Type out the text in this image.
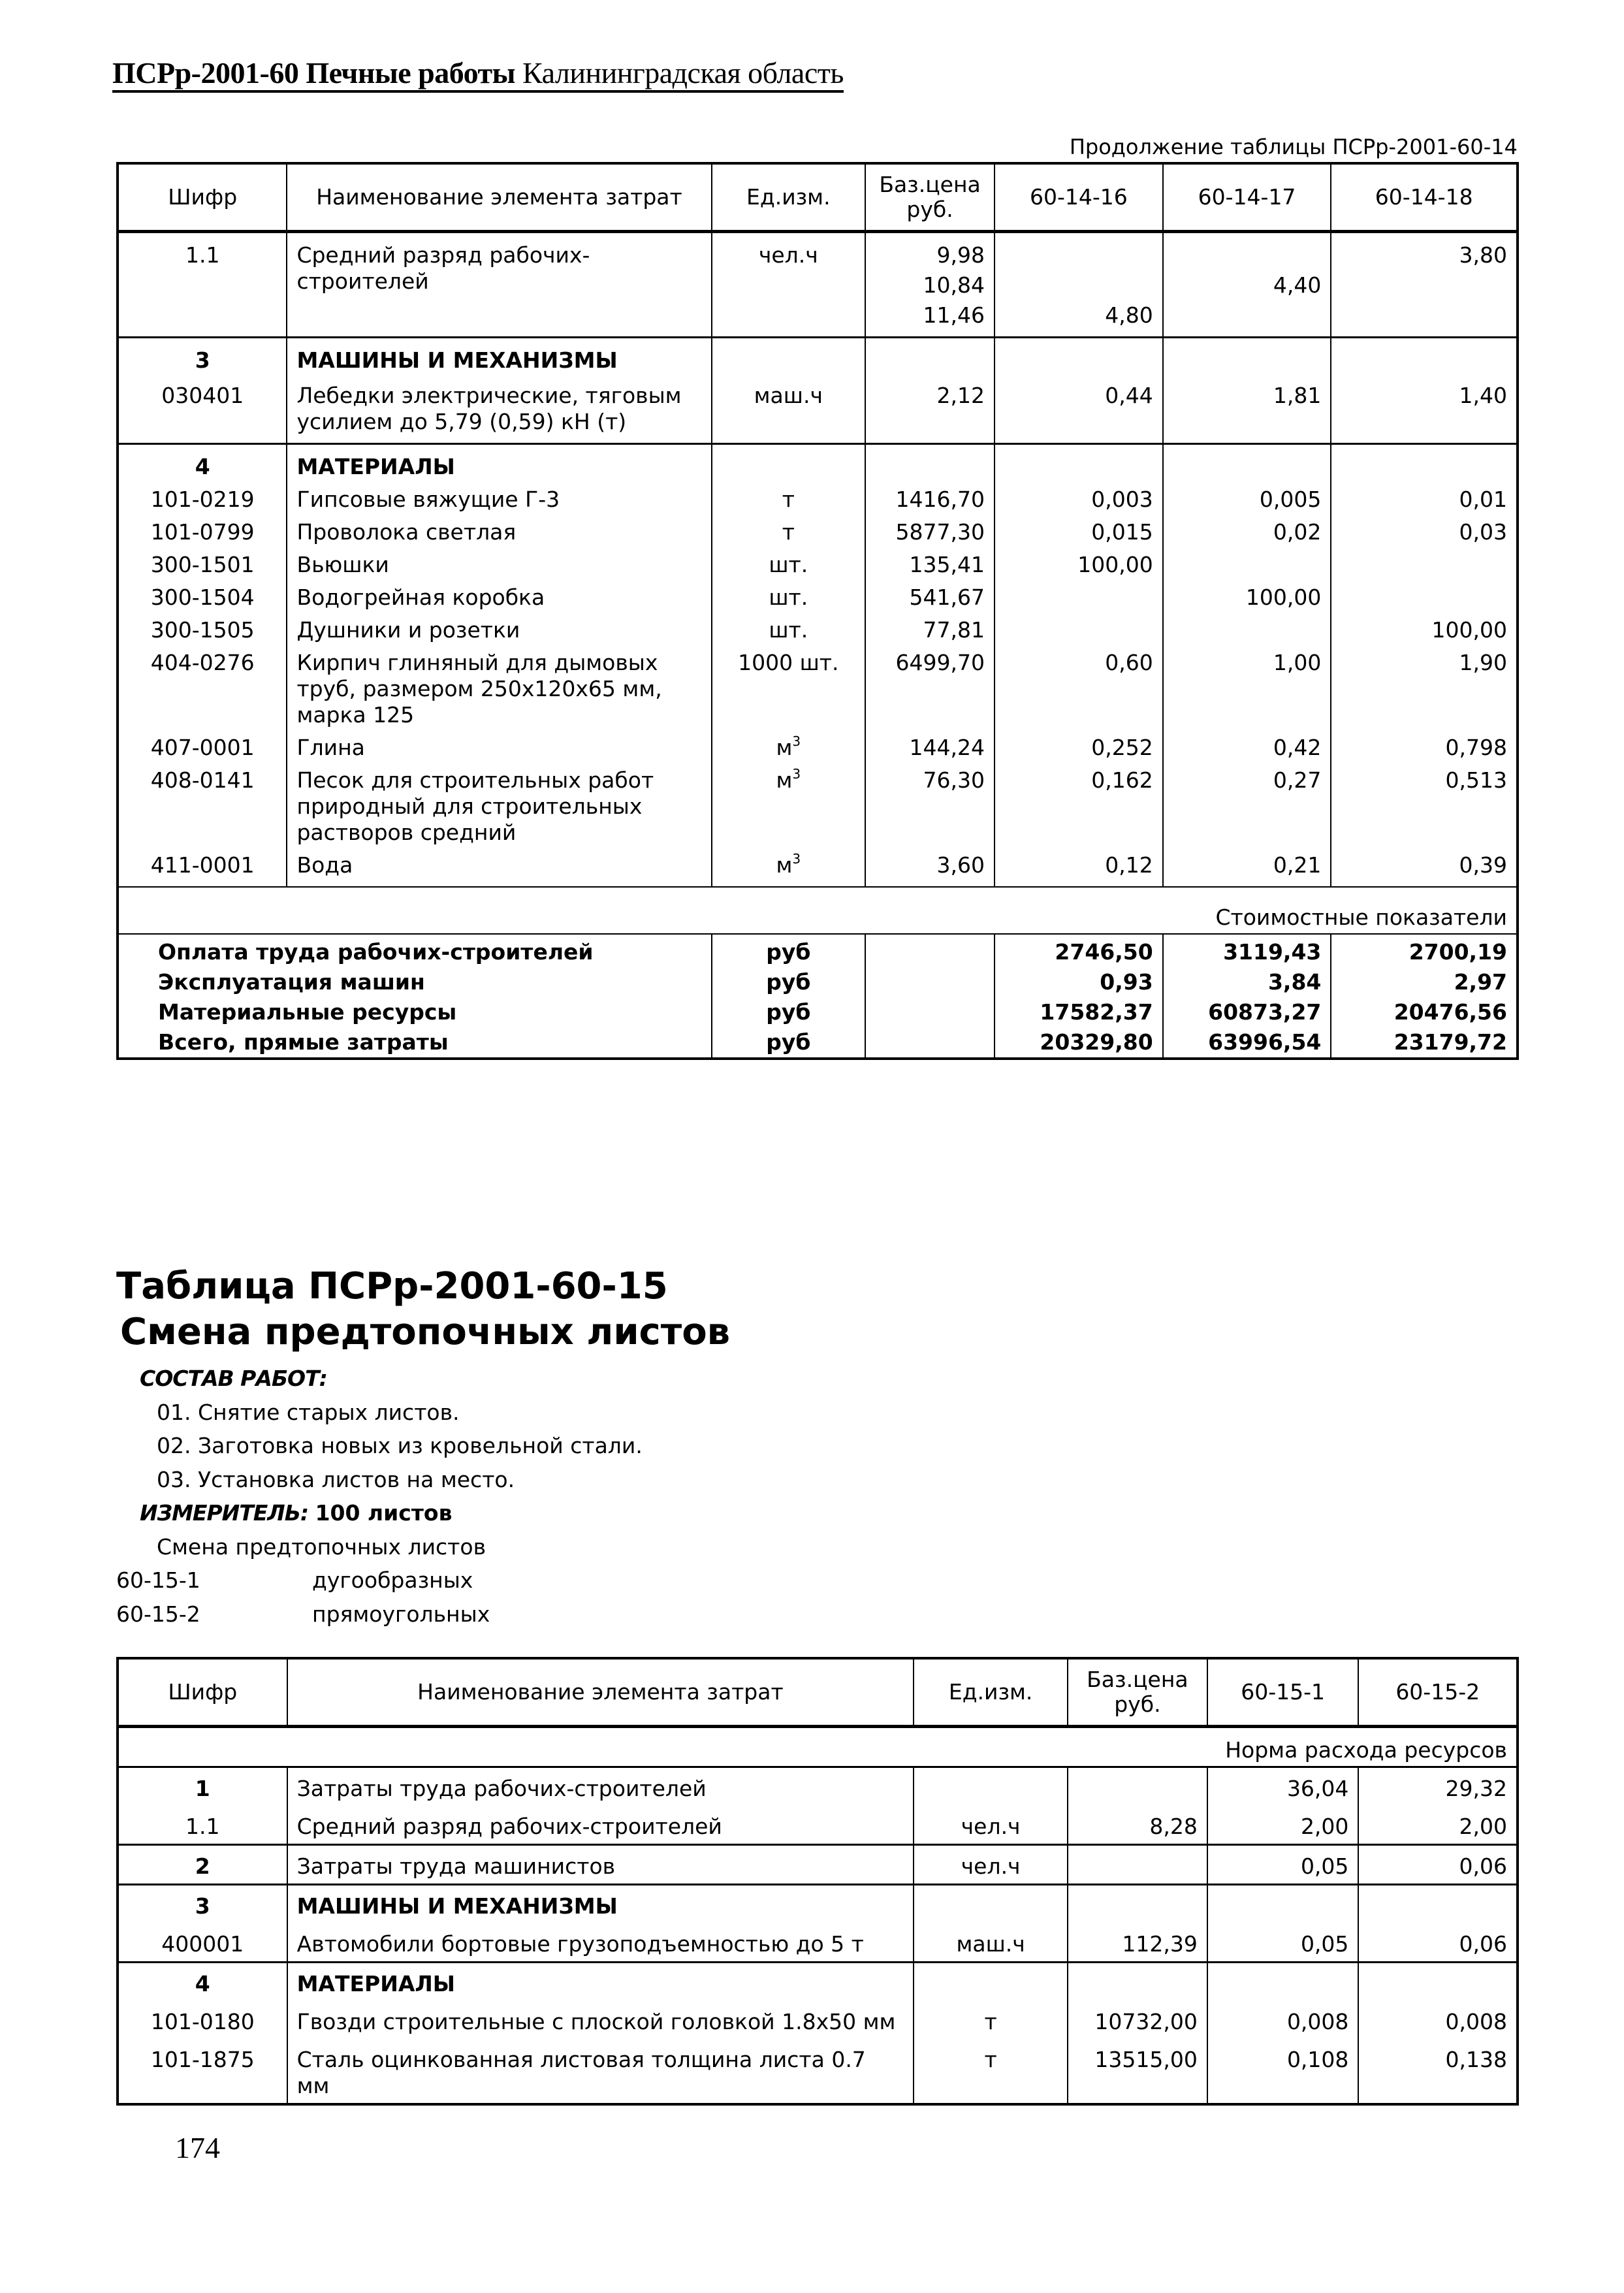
ПСРр-2001-60 Печные работы Калининградская область
Продолжение таблицы ПСРр-2001-60-14
Шифр	Наименование элемента затрат	Ед.изм.	Баз.цена
руб.	60-14-16	60-14-17	60-14-18
1.1	Средний разряд рабочих-строителей	чел.ч	9,98			3,80
			10,84		4,40	
			11,46	4,80		
3	МАШИНЫ И МЕХАНИЗМЫ					
030401	Лебедки электрические, тяговым усилием до 5,79 (0,59) кН (т)	маш.ч	2,12	0,44	1,81	1,40
4	МАТЕРИАЛЫ					
101-0219	Гипсовые вяжущие Г-3	т	1416,70	0,003	0,005	0,01
101-0799	Проволока светлая	т	5877,30	0,015	0,02	0,03
300-1501	Вьюшки	шт.	135,41	100,00		
300-1504	Водогрейная коробка	шт.	541,67		100,00	
300-1505	Душники и розетки	шт.	77,81			100,00
404-0276	Кирпич глиняный для дымовых труб, размером 250х120х65 мм, марка 125	1000 шт.	6499,70	0,60	1,00	1,90
407-0001	Глина	$м^3$	144,24	0,252	0,42	0,798
408-0141	Песок для строительных работ природный для строительных растворов средний	$м^3$	76,30	0,162	0,27	0,513
411-0001	Вода	$м^3$	3,60	0,12	0,21	0,39
Стоимостные показатели						
Оплата труда рабочих-строителей		руб		2746,50	3119,43	2700,19
Эксплуатация машин		руб		0,93	3,84	2,97
Материальные ресурсы		руб		17582,37	60873,27	20476,56
Всего, прямые затраты		руб		20329,80	63996,54	23179,72
Таблица ПСРр-2001-60-15
Смена предтопочных листов
СОСТАВ РАБОТ:
01. Снятие старых листов.
02. Заготовка новых из кровельной стали.
03. Установка листов на место.
ИЗМЕРИТЕЛЬ: 100 листов
Смена предтопочных листов
60-15-1	дугообразных
60-15-2	прямоугольных
Шифр	Наименование элемента затрат	Ед.изм.	Баз.цена
руб.	60-15-1	60-15-2
Норма расхода ресурсов					
1	Затраты труда рабочих-строителей			36,04	29,32
1.1	Средний разряд рабочих-строителей	чел.ч	8,28	2,00	2,00
2	Затраты труда машинистов	чел.ч		0,05	0,06
3	МАШИНЫ И МЕХАНИЗМЫ				
400001	Автомобили бортовые грузоподъемностью до 5 т	маш.ч	112,39	0,05	0,06
4	МАТЕРИАЛЫ				
101-0180	Гвозди строительные с плоской головкой 1.8х50 мм	т	10732,00	0,008	0,008
101-1875	Сталь оцинкованная листовая толщина листа 0.7 мм	т	13515,00	0,108	0,138
174
